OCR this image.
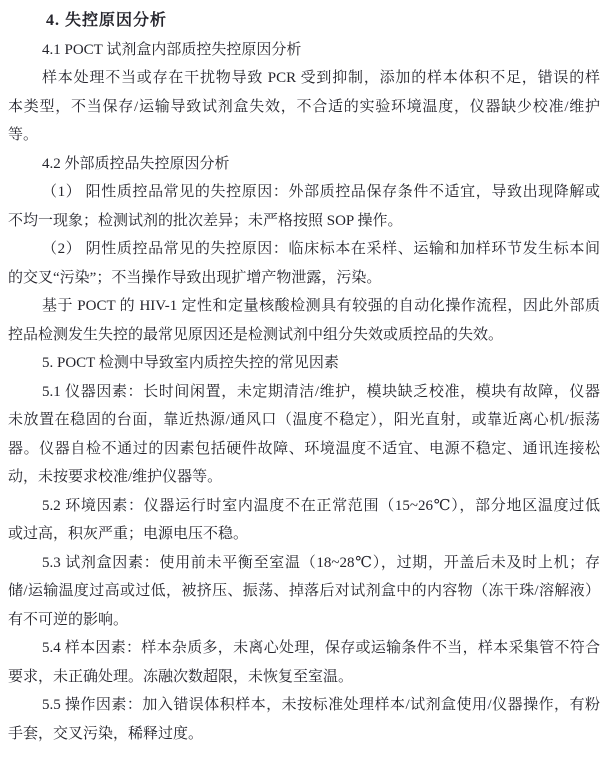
4. 失控原因分析
4.1 POCT 试剂盒内部质控失控原因分析
样本处理不当或存在干扰物导致 PCR 受到抑制，添加的样本体积不足，错误的样
本类型，不当保存/运输导致试剂盒失效，不合适的实验环境温度，仪器缺少校准/维护
等。
4.2 外部质控品失控原因分析
（1） 阳性质控品常见的失控原因：外部质控品保存条件不适宜，导致出现降解或
不均一现象；检测试剂的批次差异；未严格按照 SOP 操作。
（2） 阴性质控品常见的失控原因：临床标本在采样、运输和加样环节发生标本间
的交叉“污染”；不当操作导致出现扩增产物泄露，污染。
基于 POCT 的 HIV-1 定性和定量核酸检测具有较强的自动化操作流程，因此外部质
控品检测发生失控的最常见原因还是检测试剂中组分失效或质控品的失效。
5. POCT 检测中导致室内质控失控的常见因素
5.1 仪器因素：长时间闲置，未定期清洁/维护，模块缺乏校准，模块有故障，仪器
未放置在稳固的台面，靠近热源/通风口（温度不稳定），阳光直射，或靠近离心机/振荡
器。仪器自检不通过的因素包括硬件故障、环境温度不适宜、电源不稳定、通讯连接松
动，未按要求校准/维护仪器等。
5.2 环境因素：仪器运行时室内温度不在正常范围（15~26℃），部分地区温度过低
或过高，积灰严重；电源电压不稳。
5.3 试剂盒因素：使用前未平衡至室温（18~28℃），过期，开盖后未及时上机；存
储/运输温度过高或过低，被挤压、振荡、掉落后对试剂盒中的内容物（冻干珠/溶解液）
有不可逆的影响。
5.4 样本因素：样本杂质多，未离心处理，保存或运输条件不当，样本采集管不符合
要求，未正确处理。冻融次数超限，未恢复至室温。
5.5 操作因素：加入错误体积样本，未按标准处理样本/试剂盒使用/仪器操作，有粉
手套，交叉污染，稀释过度。
